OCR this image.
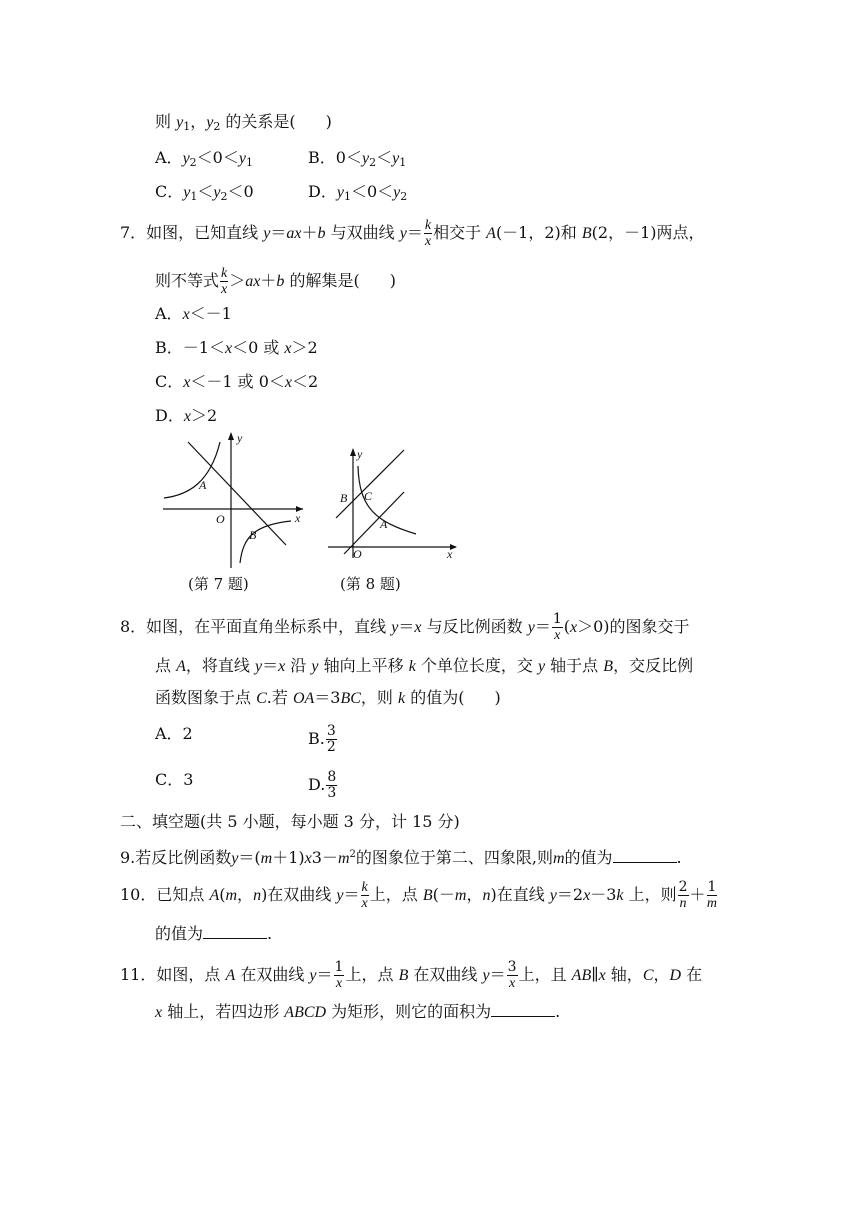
则 $y_1$，$y_2$ 的关系是( )
A．$y_2<0<y_1$	B．$0<y_2<y_1$
C．$y_1<y_2<0$	D．$y_1<0<y_2$
7．如图，已知直线 y＝ax＋b 与双曲线 $y= \frac{k}{x}$ 相交于 A(－1，2)和 B(2，－1)两点，
则不等式 $\frac{k}{x} >ax+b$ 的解集是( )
A．x＜－1
B．－1＜x＜0 或 x＞2
C．x＜－1 或 0＜x＜2
D．x＞2
y
x
O
A
B
(第 7 题)
y
x
O
B C
A
(第 8 题)
8．如图，在平面直角坐标系中，直线 y＝x 与反比例函数 $y= \frac{1}{x} (x>0)$的图象交于
点 A，将直线 y＝x 沿 y 轴向上平移 k 个单位长度，交 y 轴于点 B，交反比例
函数图象于点 C.若 OA＝3BC，则 k 的值为( )
A．2	B. $\frac{3}{2}$
C．3	D. $\frac{8}{3}$
二、填空题(共 5 小题，每小题 3 分，计 15 分)
9.若反比例函数$y=(m+1)x3-m^2$的图象位于第二、四象限,则m的值为	.
10．已知点 A(m，n)在双曲线 $y= \frac{k}{x}$ 上，点 B(－m，n)在直线 y＝2x－3k 上，则 $\frac{2}{n} + \frac{1}{m}$
的值为	.
11．如图，点 A 在双曲线 $y= \frac{1}{x}$ 上，点 B 在双曲线 $y= \frac{3}{x}$ 上，且 AB∥x 轴，C，D 在
x 轴上，若四边形 ABCD 为矩形，则它的面积为	.
